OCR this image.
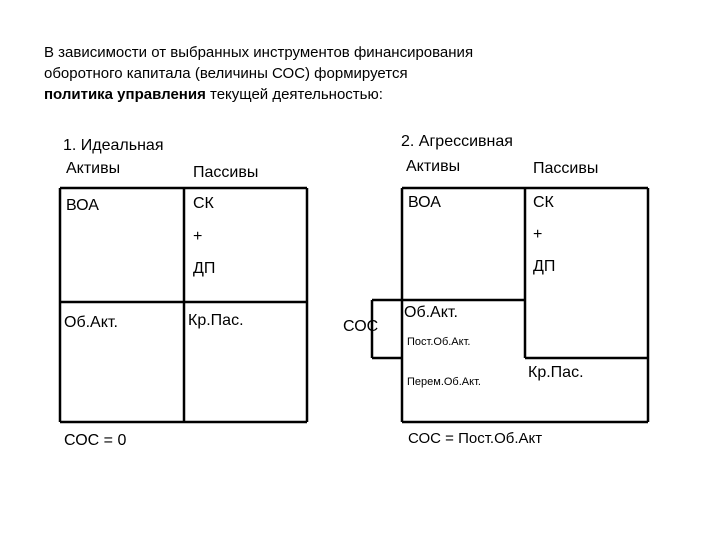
В зависимости от выбранных инструментов финансирования
оборотного капитала (величины СОС) формируется
политика управления текущей деятельностью:
1. Идеальная
Активы	Пассивы
ВОА	СК
+
ДП
Об.Акт.	Кр.Пас.
СОС = 0
2. Агрессивная
Активы	Пассивы
ВОА	СК
+
ДП
СОС
Об.Акт.
Пост.Об.Акт.
Перем.Об.Акт.
Кр.Пас.
СОС = Пост.Об.Акт
